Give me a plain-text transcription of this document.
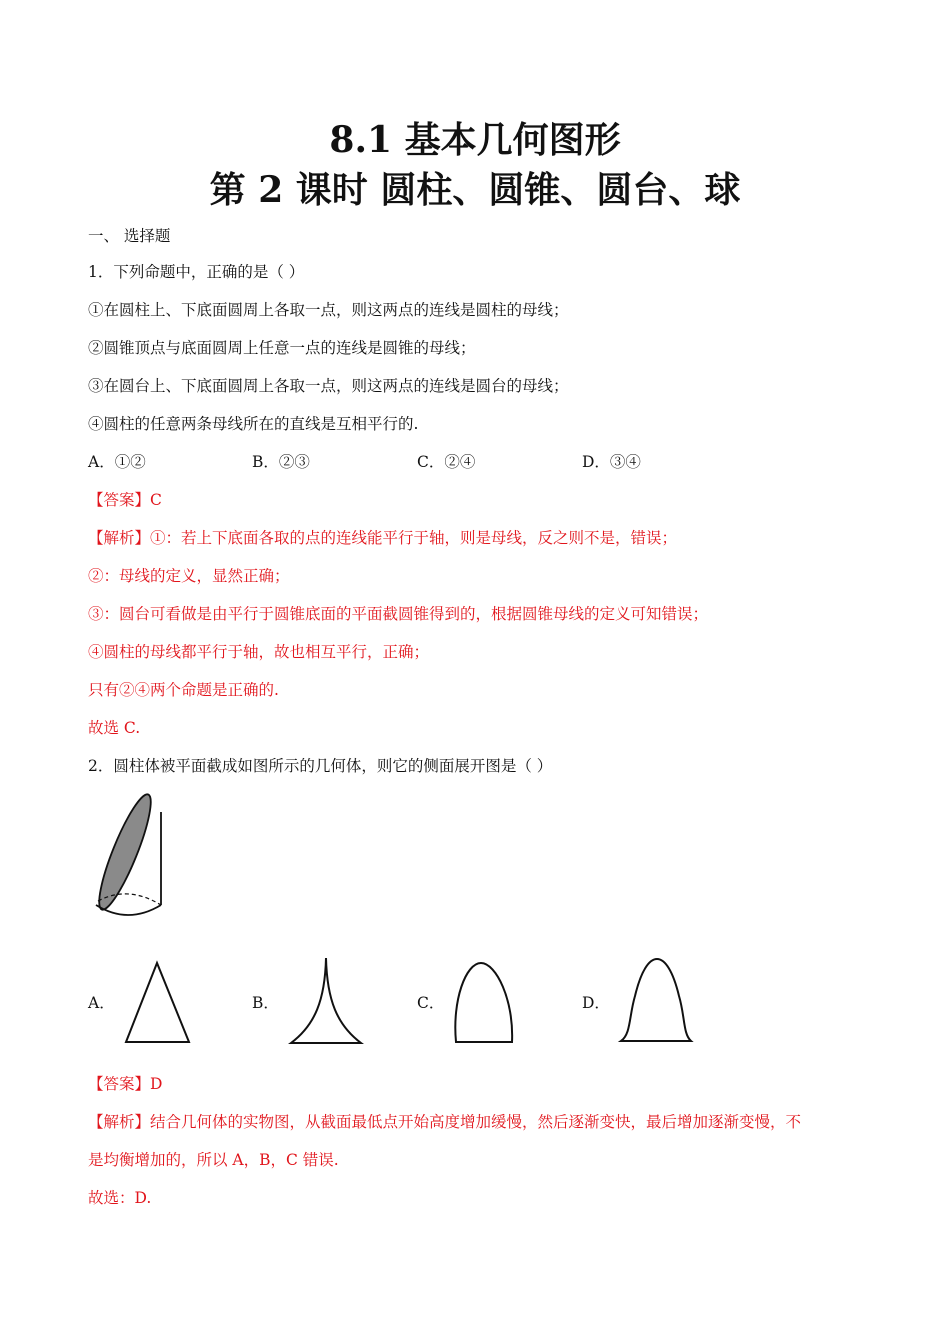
8.1 基本几何图形
第 2 课时 圆柱、圆锥、圆台、球
一、 选择题
1．下列命题中，正确的是（ ）
①在圆柱上、下底面圆周上各取一点，则这两点的连线是圆柱的母线；
②圆锥顶点与底面圆周上任意一点的连线是圆锥的母线；
③在圆台上、下底面圆周上各取一点，则这两点的连线是圆台的母线；
④圆柱的任意两条母线所在的直线是互相平行的.
A．①②	B．②③	C．②④	D．③④
【答案】C
【解析】①：若上下底面各取的点的连线能平行于轴，则是母线，反之则不是，错误；
②：母线的定义，显然正确；
③：圆台可看做是由平行于圆锥底面的平面截圆锥得到的，根据圆锥母线的定义可知错误；
④圆柱的母线都平行于轴，故也相互平行，正确；
只有②④两个命题是正确的.
故选 C.
2．圆柱体被平面截成如图所示的几何体，则它的侧面展开图是（ ）
A．	B．	C．	D．
【答案】D
【解析】结合几何体的实物图，从截面最低点开始高度增加缓慢，然后逐渐变快，最后增加逐渐变慢，不
是均衡增加的，所以 A，B，C 错误.
故选：D.
